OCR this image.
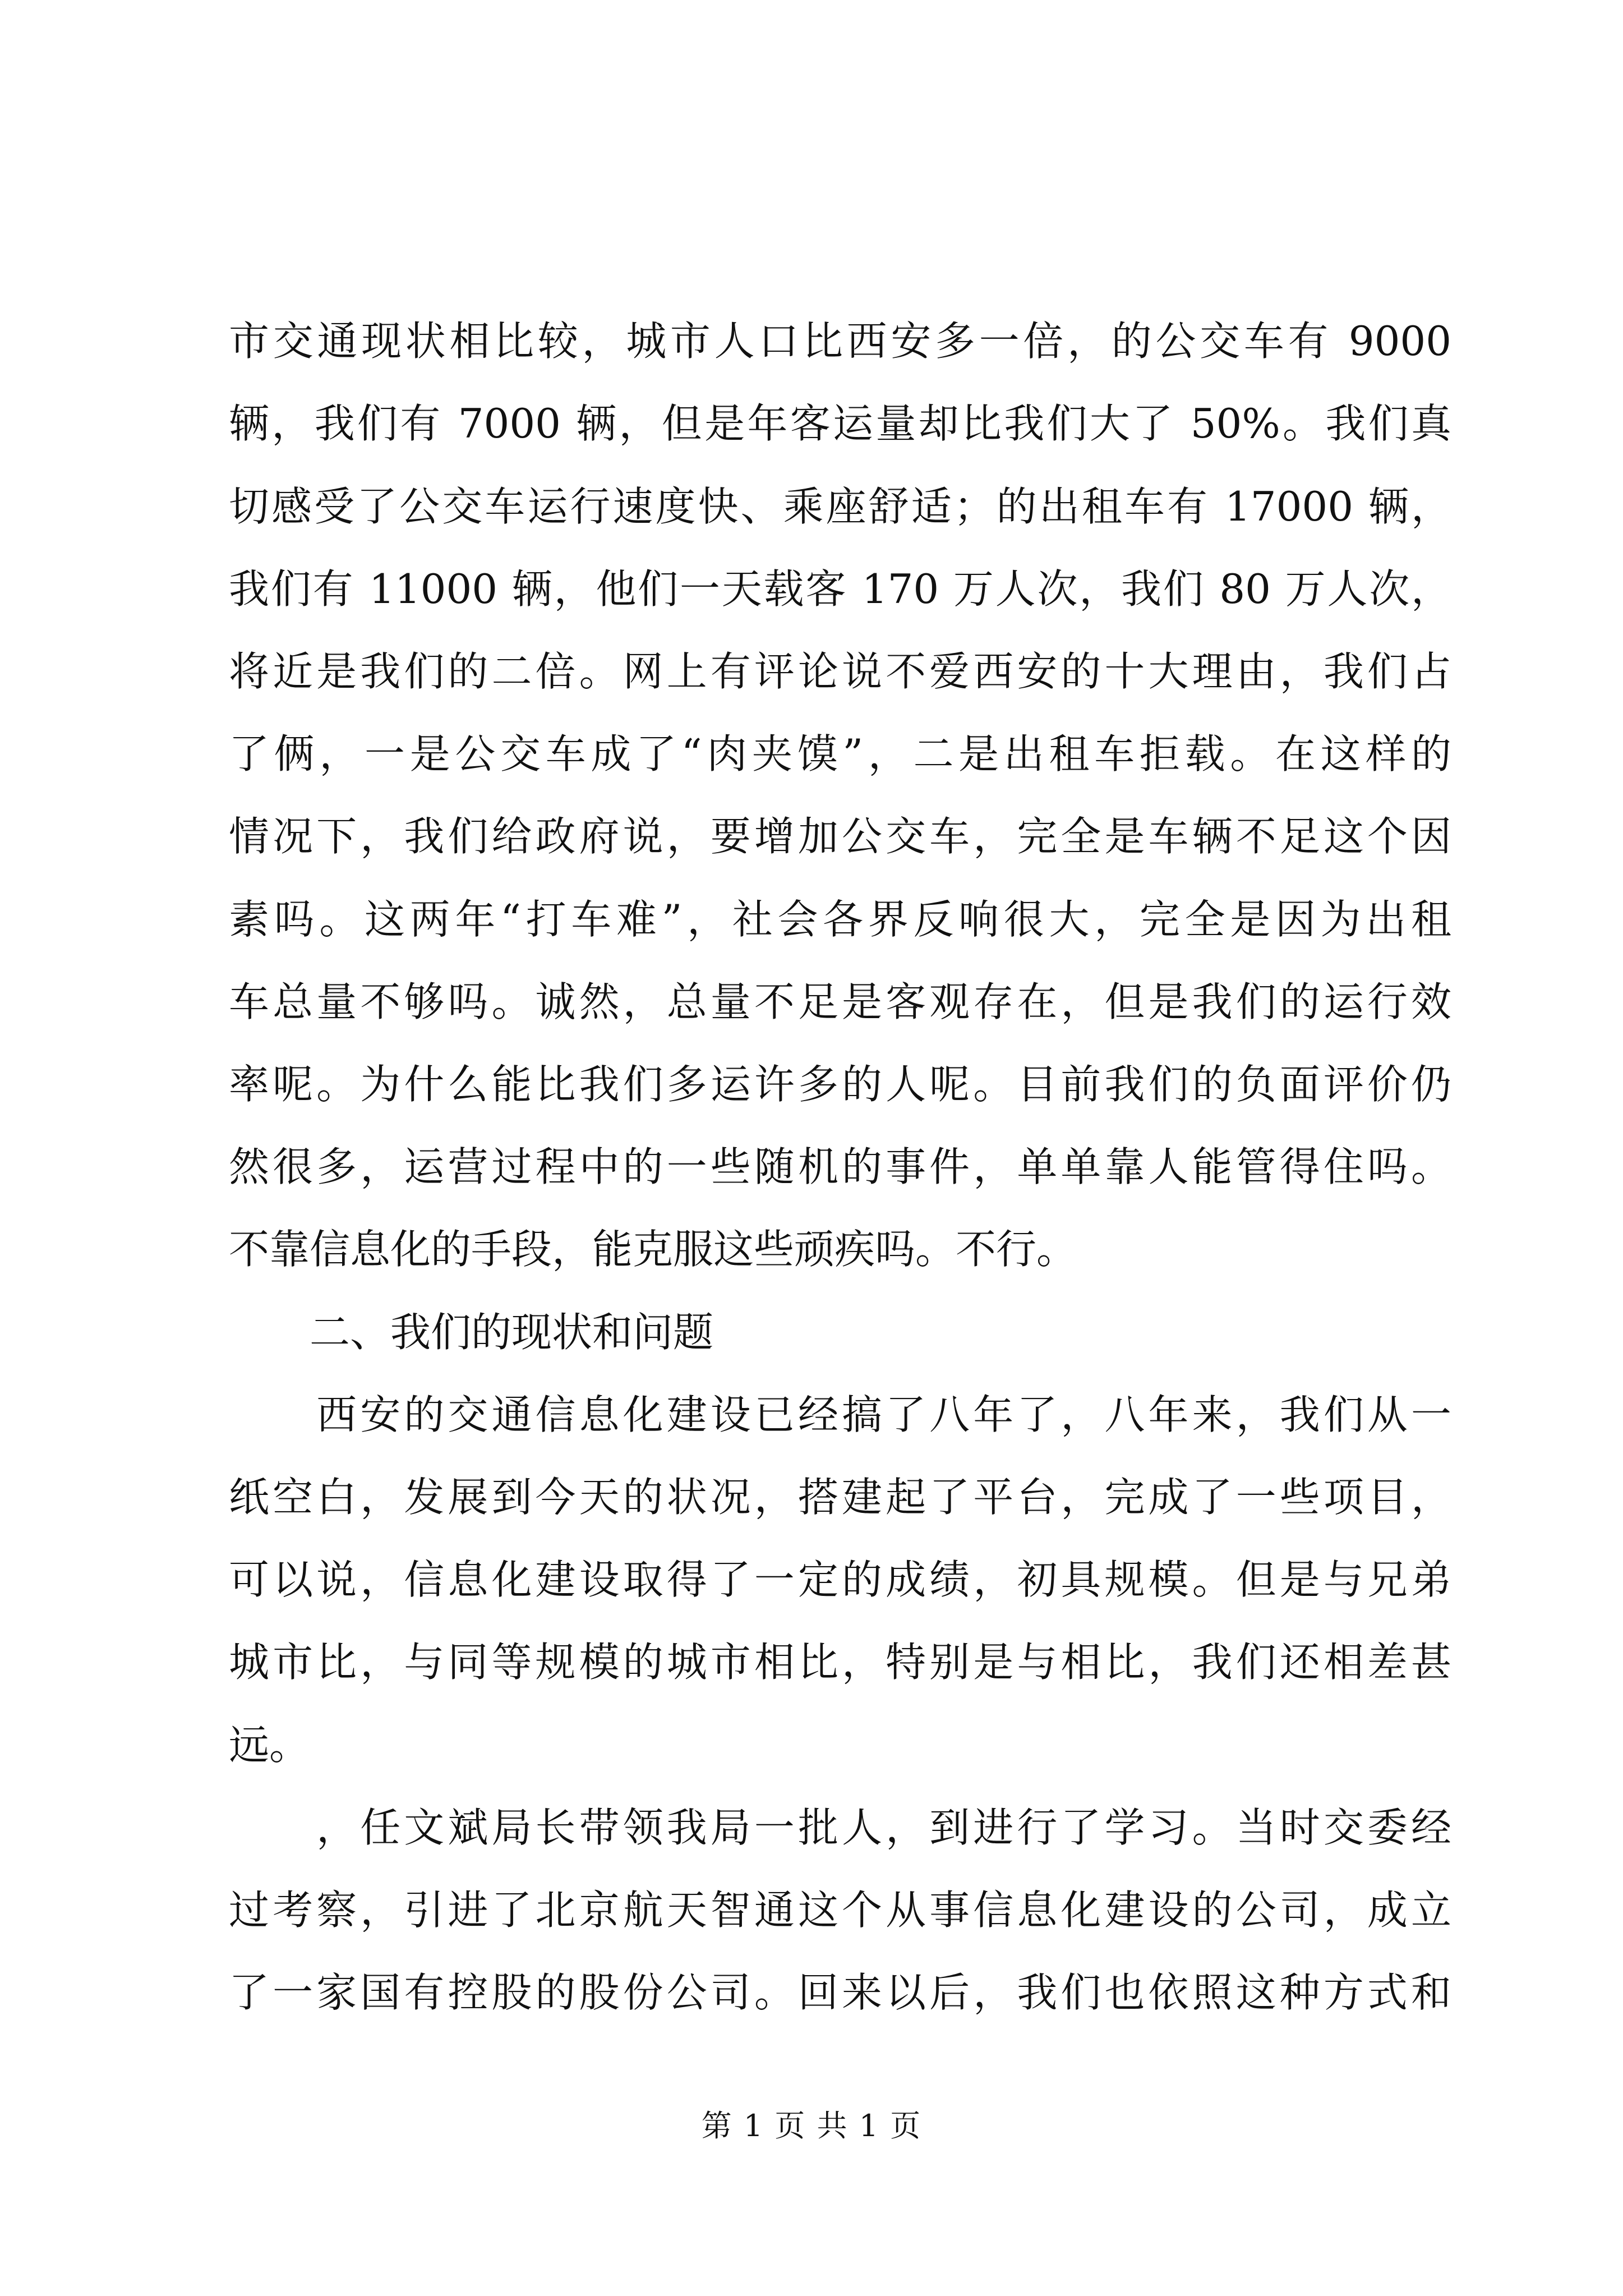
市交通现状相比较，城市人口比西安多一倍，的公交车有 9000
辆，我们有 7000 辆，但是年客运量却比我们大了 50%。我们真
切感受了公交车运行速度快、乘座舒适；的出租车有 17000 辆，
我们有 11000 辆，他们一天载客 170 万人次，我们 80 万人次，
将近是我们的二倍。网上有评论说不爱西安的十大理由，我们占
了俩，一是公交车成了“肉夹馍”，二是出租车拒载。在这样的
情况下，我们给政府说，要增加公交车，完全是车辆不足这个因
素吗。这两年“打车难”，社会各界反响很大，完全是因为出租
车总量不够吗。诚然，总量不足是客观存在，但是我们的运行效
率呢。为什么能比我们多运许多的人呢。目前我们的负面评价仍
然很多，运营过程中的一些随机的事件，单单靠人能管得住吗。
不靠信息化的手段，能克服这些顽疾吗。不行。
　　二、我们的现状和问题
　　西安的交通信息化建设已经搞了八年了，八年来，我们从一
纸空白，发展到今天的状况，搭建起了平台，完成了一些项目，
可以说，信息化建设取得了一定的成绩，初具规模。但是与兄弟
城市比，与同等规模的城市相比，特别是与相比，我们还相差甚
远。
　　，任文斌局长带领我局一批人，到进行了学习。当时交委经
过考察，引进了北京航天智通这个从事信息化建设的公司，成立
了一家国有控股的股份公司。回来以后，我们也依照这种方式和
第 1 页 共 1 页
